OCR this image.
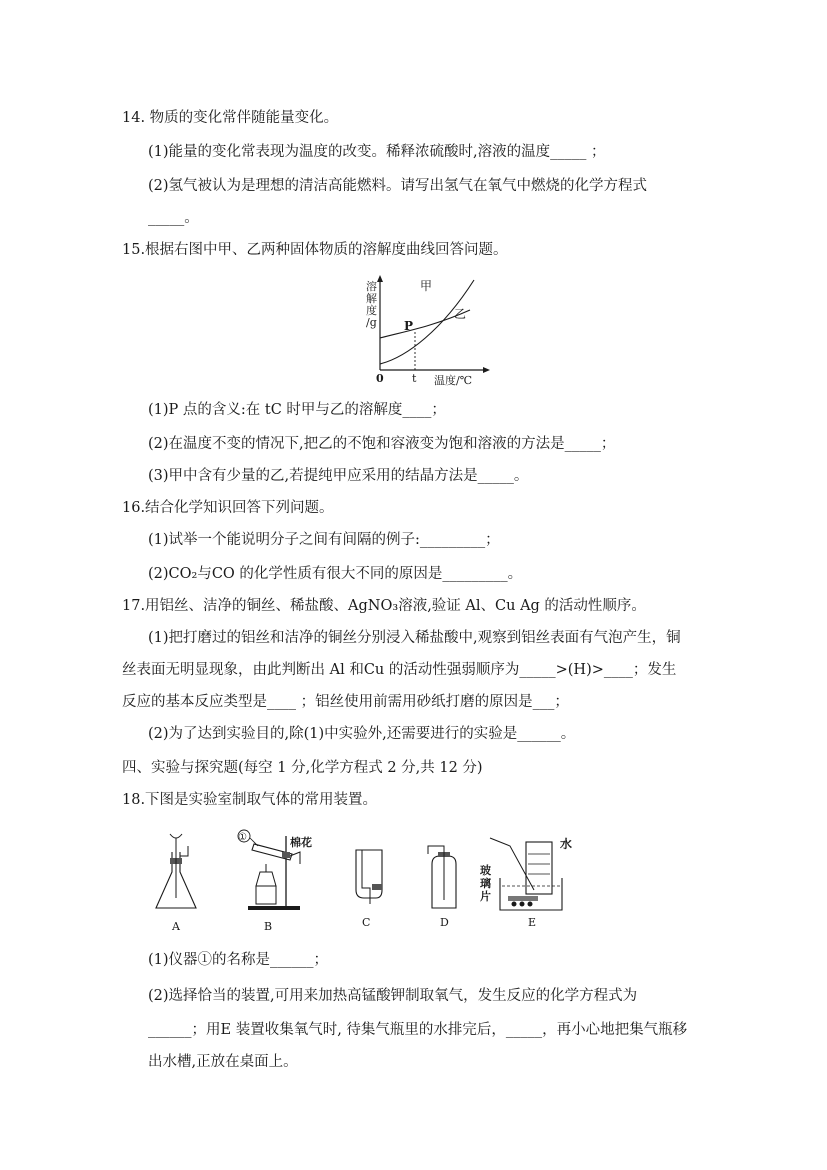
14. 物质的变化常伴随能量变化。
(1)能量的变化常表现为温度的改变。稀释浓硫酸时,溶液的温度_____ ；
(2)氢气被认为是理想的清洁高能燃料。请写出氢气在氧气中燃烧的化学方程式
_____。
15.根据右图中甲、乙两种固体物质的溶解度曲线回答问题。
溶
解
度
/g
甲
乙
P
0	t 温度/℃
(1)P 点的含义:在 tC 时甲与乙的溶解度____；
(2)在温度不变的情况下,把乙的不饱和容液变为饱和溶液的方法是_____；
(3)甲中含有少量的乙,若提纯甲应采用的结晶方法是_____。
16.结合化学知识回答下列问题。
(1)试举一个能说明分子之间有间隔的例子:_________；
(2)CO₂与CO 的化学性质有很大不同的原因是_________。
17.用铝丝、洁净的铜丝、稀盐酸、AgNO₃溶液,验证 Al、Cu Ag 的活动性顺序。
(1)把打磨过的铝丝和洁净的铜丝分别浸入稀盐酸中,观察到铝丝表面有气泡产生，铜
丝表面无明显现象，由此判断出 Al 和Cu 的活动性强弱顺序为_____>(H)>____；发生
反应的基本反应类型是____ ；铝丝使用前需用砂纸打磨的原因是___；
(2)为了达到实验目的,除(1)中实验外,还需要进行的实验是______。
四、实验与探究题(每空 1 分,化学方程式 2 分,共 12 分)
18.下图是实验室制取气体的常用装置。
A
①	棉花
B	C	D
水
玻
璃
片
E
(1)仪器①的名称是______；
(2)选择恰当的装置,可用来加热高锰酸钾制取氧气，发生反应的化学方程式为
______；用E 装置收集氧气时, 待集气瓶里的水排完后，_____，再小心地把集气瓶移
出水槽,正放在桌面上。
